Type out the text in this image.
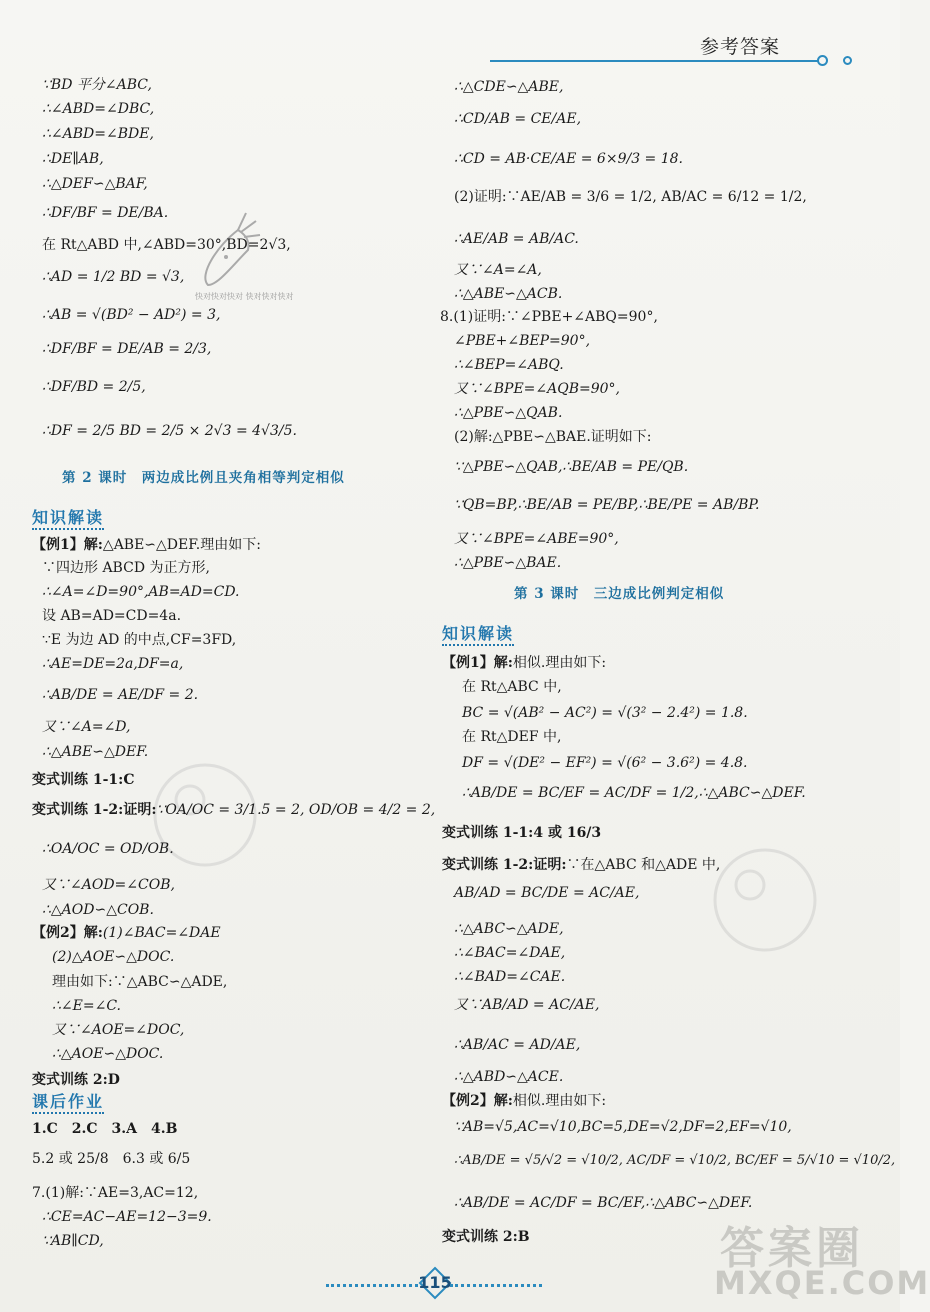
参考答案
快对快对快对 快对快对快对
∵BD 平分∠ABC,
∴∠ABD=∠DBC,
∴∠ABD=∠BDE,
∴DE∥AB,
∴△DEF∽△BAF,
∴DF/BF = DE/BA.
在 Rt△ABD 中,∠ABD=30°,BD=2√3,
∴AD = 1/2 BD = √3,
∴AB = √(BD² − AD²) = 3,
∴DF/BF = DE/AB = 2/3,
∴DF/BD = 2/5,
∴DF = 2/5 BD = 2/5 × 2√3 = 4√3/5.
第 2 课时　两边成比例且夹角相等判定相似
知识解读
【例1】解:△ABE∽△DEF.理由如下:
∵四边形 ABCD 为正方形,
∴∠A=∠D=90°,AB=AD=CD.
设 AB=AD=CD=4a.
∵E 为边 AD 的中点,CF=3FD,
∴AE=DE=2a,DF=a,
∴AB/DE = AE/DF = 2.
又∵∠A=∠D,
∴△ABE∽△DEF.
变式训练 1-1:C
变式训练 1-2:证明:∵OA/OC = 3/1.5 = 2, OD/OB = 4/2 = 2,
∴OA/OC = OD/OB.
又∵∠AOD=∠COB,
∴△AOD∽△COB.
【例2】解:(1)∠BAC=∠DAE
(2)△AOE∽△DOC.
理由如下:∵△ABC∽△ADE,
∴∠E=∠C.
又∵∠AOE=∠DOC,
∴△AOE∽△DOC.
变式训练 2:D
课后作业
1.C　2.C　3.A　4.B
5.2 或 25/8　6.3 或 6/5
7.(1)解:∵AE=3,AC=12,
∴CE=AC−AE=12−3=9.
∵AB∥CD,
∴△CDE∽△ABE,
∴CD/AB = CE/AE,
∴CD = AB·CE/AE = 6×9/3 = 18.
(2)证明:∵AE/AB = 3/6 = 1/2, AB/AC = 6/12 = 1/2,
∴AE/AB = AB/AC.
又∵∠A=∠A,
∴△ABE∽△ACB.
8.(1)证明:∵∠PBE+∠ABQ=90°,
∠PBE+∠BEP=90°,
∴∠BEP=∠ABQ.
又∵∠BPE=∠AQB=90°,
∴△PBE∽△QAB.
(2)解:△PBE∽△BAE.证明如下:
∵△PBE∽△QAB,∴BE/AB = PE/QB.
∵QB=BP,∴BE/AB = PE/BP,∴BE/PE = AB/BP.
又∵∠BPE=∠ABE=90°,
∴△PBE∽△BAE.
第 3 课时　三边成比例判定相似
知识解读
【例1】解:相似.理由如下:
在 Rt△ABC 中,
BC = √(AB² − AC²) = √(3² − 2.4²) = 1.8.
在 Rt△DEF 中,
DF = √(DE² − EF²) = √(6² − 3.6²) = 4.8.
∴AB/DE = BC/EF = AC/DF = 1/2,∴△ABC∽△DEF.
变式训练 1-1:4 或 16/3
变式训练 1-2:证明:∵在△ABC 和△ADE 中,
AB/AD = BC/DE = AC/AE,
∴△ABC∽△ADE,
∴∠BAC=∠DAE,
∴∠BAD=∠CAE.
又∵AB/AD = AC/AE,
∴AB/AC = AD/AE,
∴△ABD∽△ACE.
【例2】解:相似.理由如下:
∵AB=√5,AC=√10,BC=5,DE=√2,DF=2,EF=√10,
∴AB/DE = √5/√2 = √10/2, AC/DF = √10/2, BC/EF = 5/√10 = √10/2,
∴AB/DE = AC/DF = BC/EF,∴△ABC∽△DEF.
变式训练 2:B
115
答案圈
MXQE.COM
